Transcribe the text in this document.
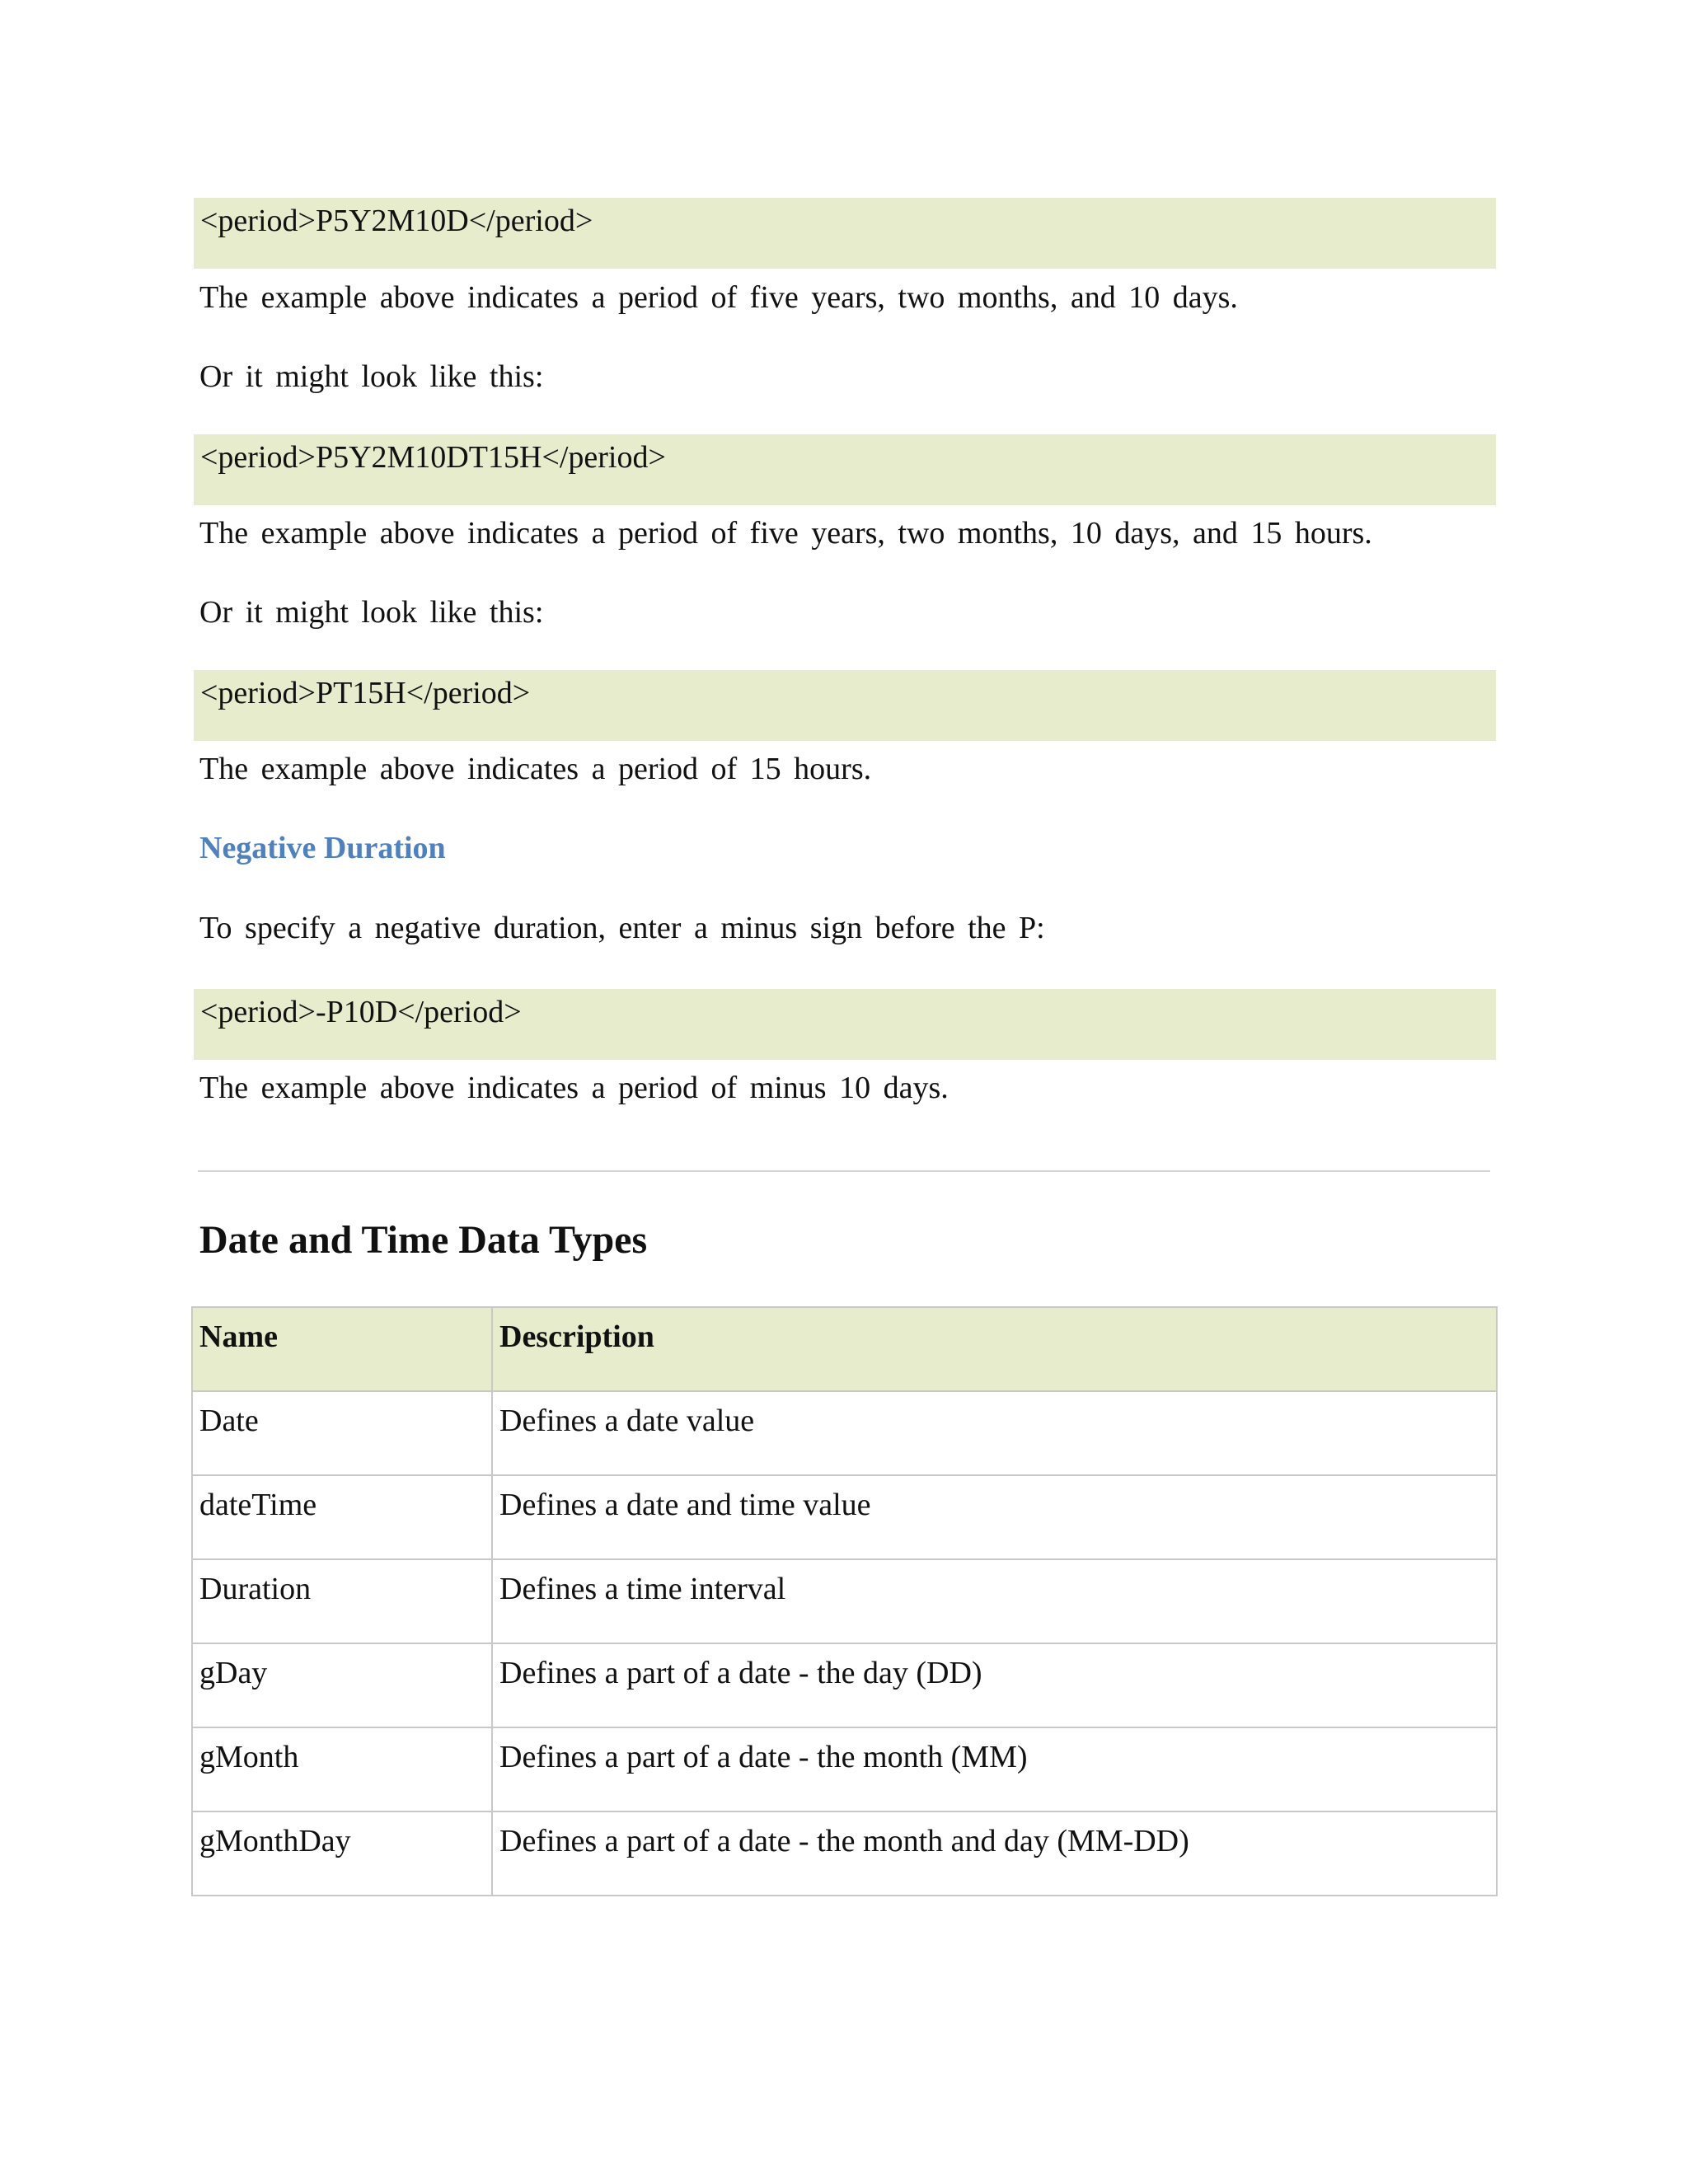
<period>P5Y2M10D</period>
The example above indicates a period of five years, two months, and 10 days.
Or it might look like this:
<period>P5Y2M10DT15H</period>
The example above indicates a period of five years, two months, 10 days, and 15 hours.
Or it might look like this:
<period>PT15H</period>
The example above indicates a period of 15 hours.
Negative Duration
To specify a negative duration, enter a minus sign before the P:
<period>-P10D</period>
The example above indicates a period of minus 10 days.
Date and Time Data Types
Name	Description
Date	Defines a date value
dateTime	Defines a date and time value
Duration	Defines a time interval
gDay	Defines a part of a date - the day (DD)
gMonth	Defines a part of a date - the month (MM)
gMonthDay	Defines a part of a date - the month and day (MM-DD)
